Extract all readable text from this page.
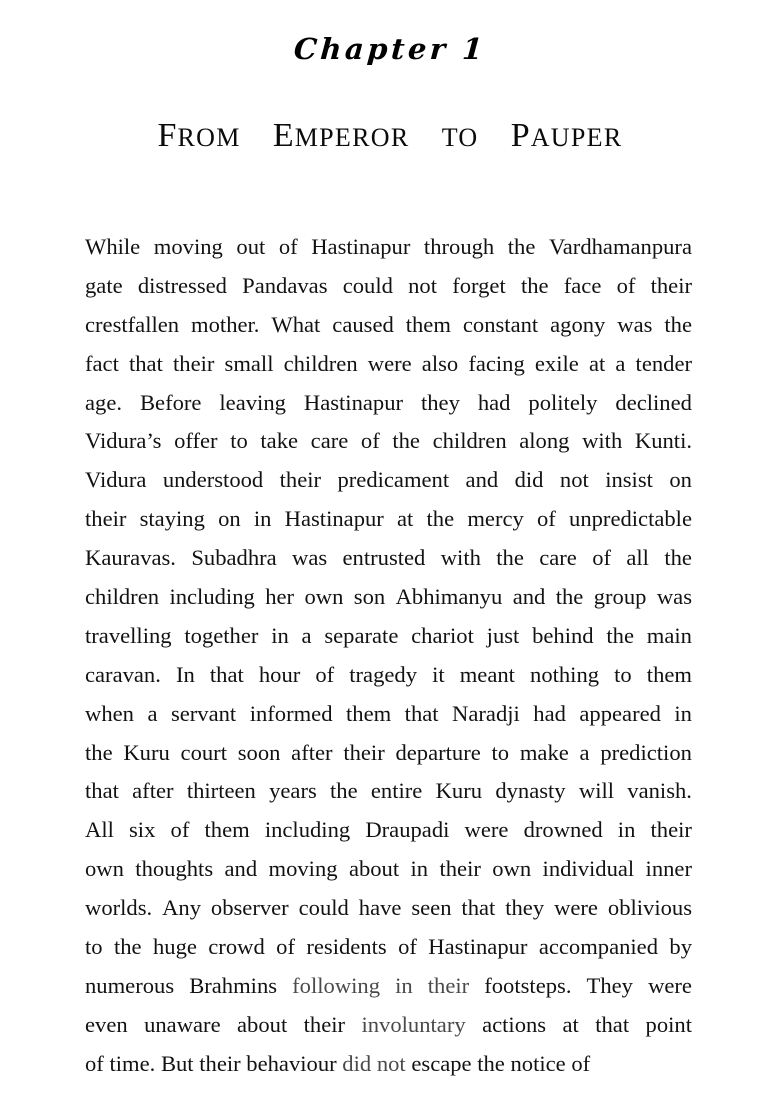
Chapter 1
FROM EMPEROR TO PAUPER
While moving out of Hastinapur through the Vardhamanpura
gate distressed Pandavas could not forget the face of their
crestfallen mother. What caused them constant agony was the
fact that their small children were also facing exile at a tender
age. Before leaving Hastinapur they had politely declined
Vidura’s offer to take care of the children along with Kunti.
Vidura understood their predicament and did not insist on
their staying on in Hastinapur at the mercy of unpredictable
Kauravas. Subadhra was entrusted with the care of all the
children including her own son Abhimanyu and the group was
travelling together in a separate chariot just behind the main
caravan. In that hour of tragedy it meant nothing to them
when a servant informed them that Naradji had appeared in
the Kuru court soon after their departure to make a prediction
that after thirteen years the entire Kuru dynasty will vanish.
All six of them including Draupadi were drowned in their
own thoughts and moving about in their own individual inner
worlds. Any observer could have seen that they were oblivious
to the huge crowd of residents of Hastinapur accompanied by
numerous Brahmins following in their footsteps. They were
even unaware about their involuntary actions at that point
of time. But their behaviour did not escape the notice of
